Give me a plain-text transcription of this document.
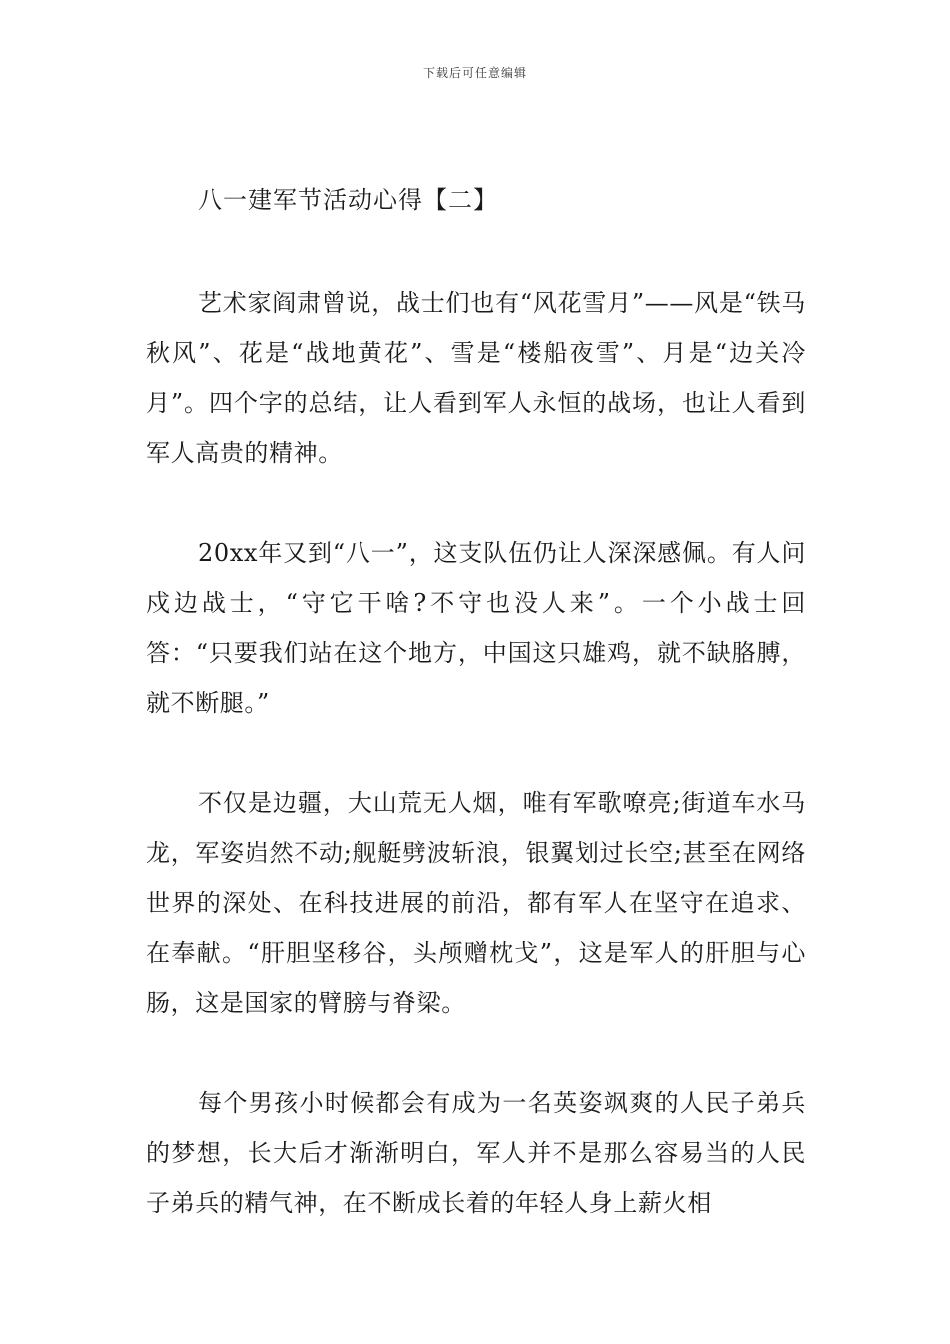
下载后可任意编辑
八一建军节活动心得【二】

艺术家阎肃曾说，战士们也有“风花雪月”——风是“铁马秋风”、花是“战地黄花”、雪是“楼船夜雪”、月是“边关冷月”。四个字的总结，让人看到军人永恒的战场，也让人看到军人高贵的精神。

20xx年又到“八一”，这支队伍仍让人深深感佩。有人问戍边战士，“守它干啥?不守也没人来”。一个小战士回答：“只要我们站在这个地方，中国这只雄鸡，就不缺胳膊，就不断腿。”

不仅是边疆，大山荒无人烟，唯有军歌嘹亮;街道车水马龙，军姿岿然不动;舰艇劈波斩浪，银翼划过长空;甚至在网络世界的深处、在科技进展的前沿，都有军人在坚守在追求、在奉献。“肝胆坚移谷，头颅赠枕戈”，这是军人的肝胆与心肠，这是国家的臂膀与脊梁。

每个男孩小时候都会有成为一名英姿飒爽的人民子弟兵的梦想，长大后才渐渐明白，军人并不是那么容易当的人民子弟兵的精气神，在不断成长着的年轻人身上薪火相
